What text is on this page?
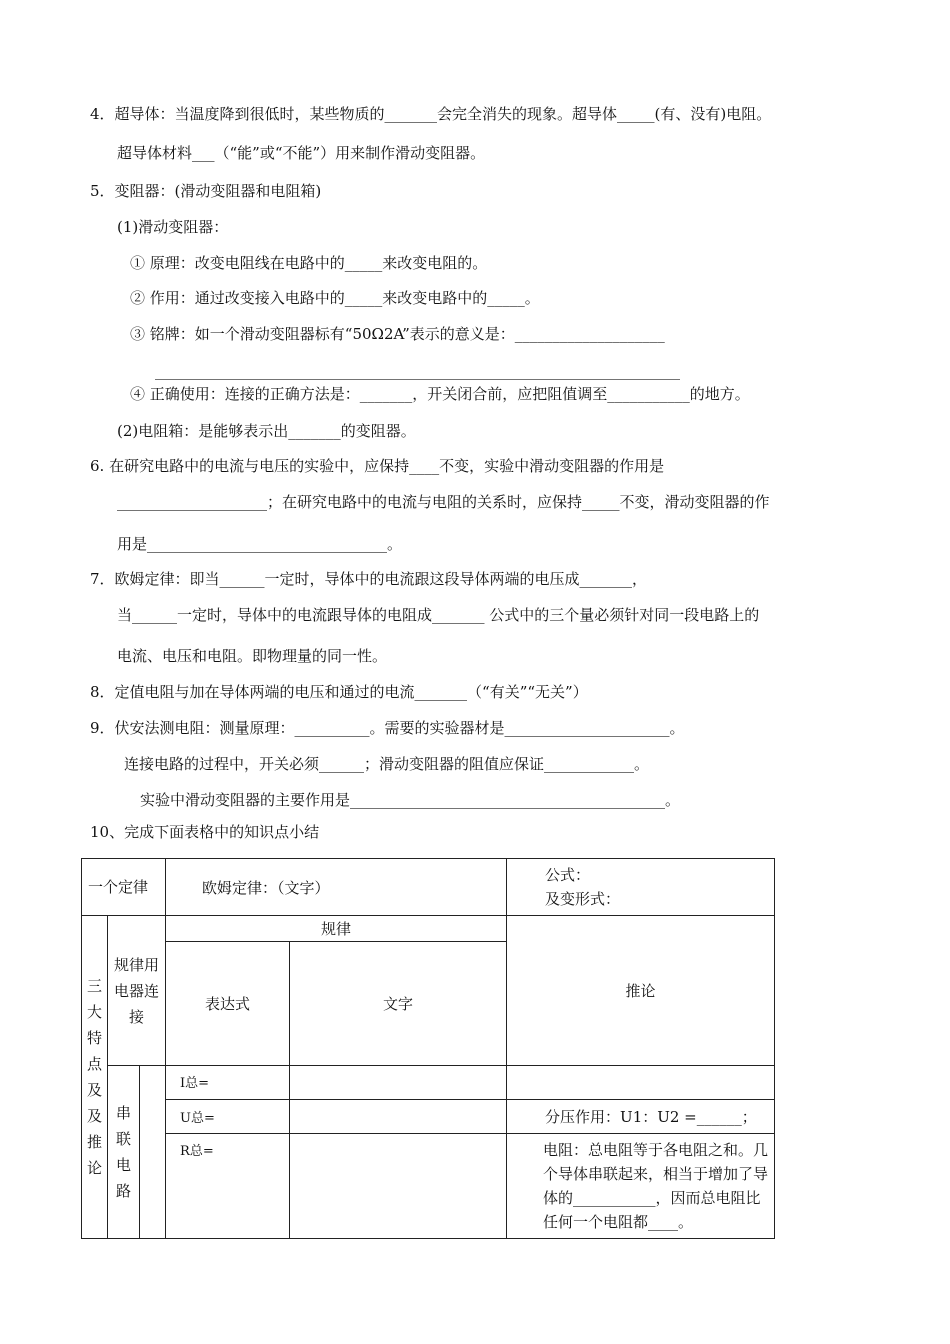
4．超导体：当温度降到很低时，某些物质的_______会完全消失的现象。超导体_____(有、没有)电阻。
超导体材料___（“能”或“不能”）用来制作滑动变阻器。
5．变阻器：(滑动变阻器和电阻箱)
(1)滑动变阻器：
① 原理：改变电阻线在电路中的_____来改变电阻的。
② 作用：通过改变接入电路中的_____来改变电路中的_____。
③ 铭牌：如一个滑动变阻器标有“50Ω2A”表示的意义是：____________________
______________________________________________________________________
④ 正确使用：连接的正确方法是：_______，开关闭合前，应把阻值调至___________的地方。
(2)电阻箱：是能够表示出_______的变阻器。
6. 在研究电路中的电流与电压的实验中，应保持____不变，实验中滑动变阻器的作用是
____________________；在研究电路中的电流与电阻的关系时，应保持_____不变，滑动变阻器的作
用是________________________________。
7．欧姆定律：即当______一定时，导体中的电流跟这段导体两端的电压成_______，
当______一定时，导体中的电流跟导体的电阻成_______ 公式中的三个量必须针对同一段电路上的
电流、电压和电阻。即物理量的同一性。
8．定值电阻与加在导体两端的电压和通过的电流_______（“有关”“无关”）
9．伏安法测电阻：测量原理：__________。需要的实验器材是______________________。
连接电路的过程中，开关必须______；滑动变阻器的阻值应保证____________。
实验中滑动变阻器的主要作用是__________________________________________。
10、完成下面表格中的知识点小结
一个定律			欧姆定律：（文字）		公式：
及变形式：

三大特点及及推论	规律用电器连接		规律		推论
			表达式	文字	
	串联电路		I总=		
			U总=		分压作用：U1：U2 =______；
			R总=		电阻：总电阻等于各电阻之和。几个导体串联起来，相当于增加了导体的___________，因而总电阻比任何一个电阻都____。
